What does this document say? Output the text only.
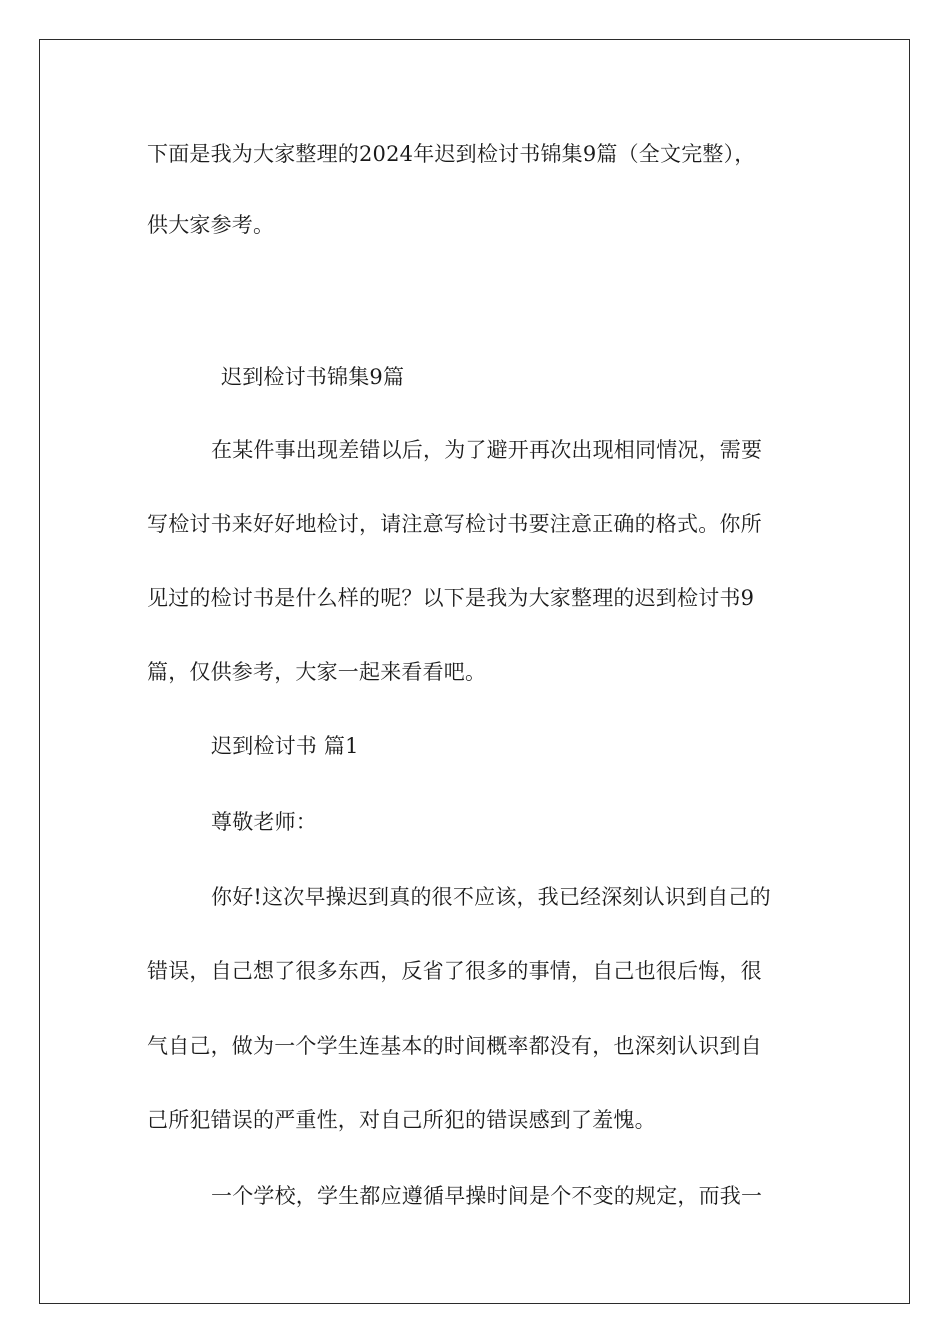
下面是我为大家整理的2024年迟到检讨书锦集9篇（全文完整），
供大家参考。
迟到检讨书锦集9篇
在某件事出现差错以后，为了避开再次出现相同情况，需要
写检讨书来好好地检讨，请注意写检讨书要注意正确的格式。你所
见过的检讨书是什么样的呢？以下是我为大家整理的迟到检讨书9
篇，仅供参考，大家一起来看看吧。
迟到检讨书 篇1
尊敬老师：
你好!这次早操迟到真的很不应该，我已经深刻认识到自己的
错误，自己想了很多东西，反省了很多的事情，自己也很后悔，很
气自己，做为一个学生连基本的时间概率都没有，也深刻认识到自
己所犯错误的严重性，对自己所犯的错误感到了羞愧。
一个学校，学生都应遵循早操时间是个不变的规定，而我一
